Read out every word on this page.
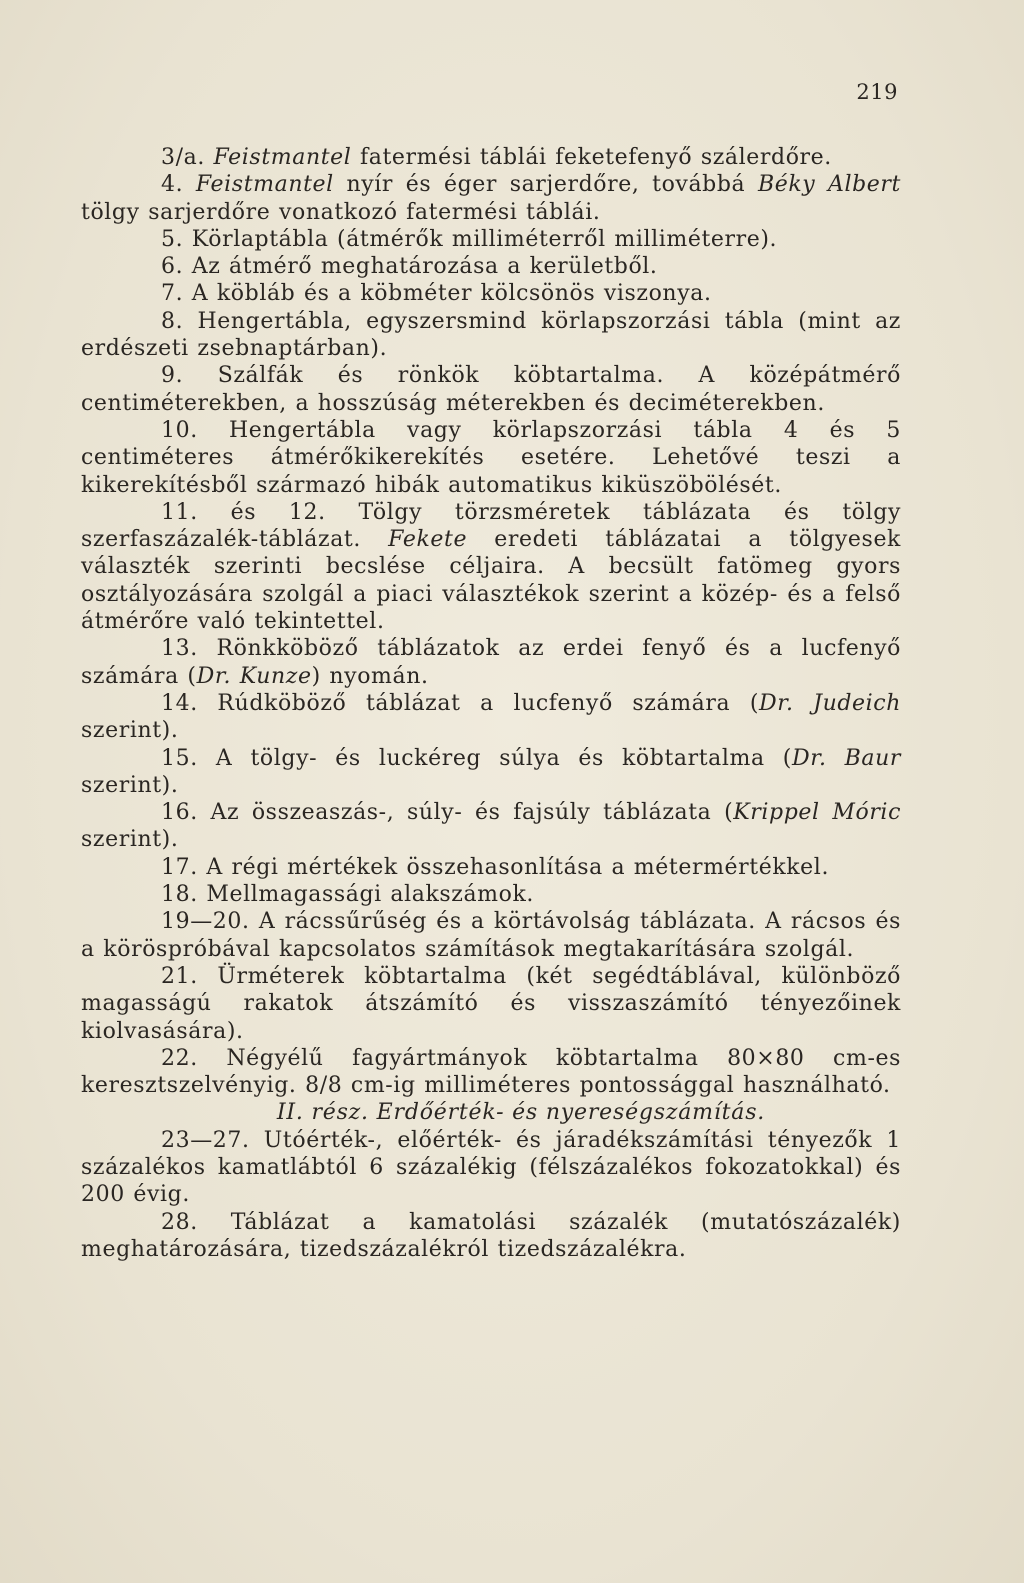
219

3/a. Feistmantel fatermési táblái feketefenyő szálerdőre.

4. Feistmantel nyír és éger sarjerdőre, továbbá Béky Albert tölgy sarjerdőre vonatkozó fatermési táblái.

5. Körlaptábla (átmérők milliméterről milliméterre).

6. Az átmérő meghatározása a kerületből.

7. A köbláb és a köbméter kölcsönös viszonya.

8. Hengertábla, egyszersmind körlapszorzási tábla (mint az erdészeti zsebnaptárban).

9. Szálfák és rönkök köbtartalma. A középátmérő centiméterekben, a hosszúság méterekben és deciméterekben.

10. Hengertábla vagy körlapszorzási tábla 4 és 5 centiméteres átmérőkikerekítés esetére. Lehetővé teszi a kikerekítésből származó hibák automatikus kiküszöbölését.

11. és 12. Tölgy törzsméretek táblázata és tölgy szerfaszázalék-táblázat. Fekete eredeti táblázatai a tölgyesek választék szerinti becslése céljaira. A becsült fatömeg gyors osztályozására szolgál a piaci választékok szerint a közép- és a felső átmérőre való tekintettel.

13. Rönkköböző táblázatok az erdei fenyő és a lucfenyő számára (Dr. Kunze) nyomán.

14. Rúdköböző táblázat a lucfenyő számára (Dr. Judeich szerint).

15. A tölgy- és luckéreg súlya és köbtartalma (Dr. Baur szerint).

16. Az összeaszás-, súly- és fajsúly táblázata (Krippel Móric szerint).

17. A régi mértékek összehasonlítása a métermértékkel.

18. Mellmagassági alakszámok.

19—20. A rácssűrűség és a körtávolság táblázata. A rácsos és a köröspróbával kapcsolatos számítások megtakarítására szolgál.

21. Ürméterek köbtartalma (két segédtáblával, különböző magasságú rakatok átszámító és visszaszámító tényezőinek kiolvasására).

22. Négyélű fagyártmányok köbtartalma 80×80 cm-es keresztszelvényig. 8/8 cm-ig milliméteres pontossággal használható.

II. rész. Erdőérték- és nyereségszámítás.

23—27. Utóérték-, előérték- és járadékszámítási tényezők 1 százalékos kamatlábtól 6 százalékig (félszázalékos fokozatokkal) és 200 évig.

28. Táblázat a kamatolási százalék (mutatószázalék) meghatározására, tizedszázalékról tizedszázalékra.
